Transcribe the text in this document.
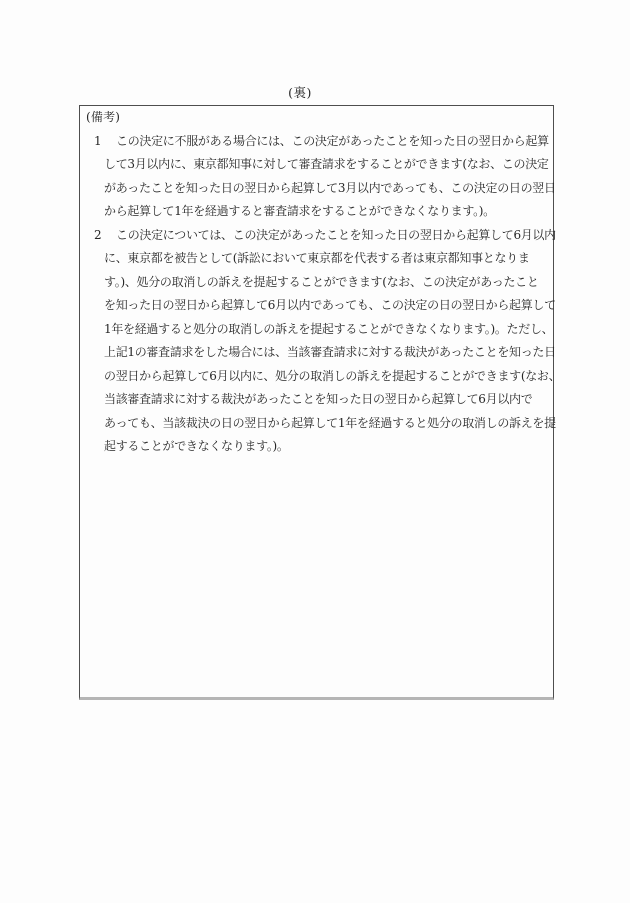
(裏)
(備考)
1 この決定に不服がある場合には、この決定があったことを知った日の翌日から起算
して3月以内に、東京都知事に対して審査請求をすることができます(なお、この決定
があったことを知った日の翌日から起算して3月以内であっても、この決定の日の翌日
から起算して1年を経過すると審査請求をすることができなくなります。)。
2 この決定については、この決定があったことを知った日の翌日から起算して6月以内
に、東京都を被告として(訴訟において東京都を代表する者は東京都知事となりま
す。)、処分の取消しの訴えを提起することができます(なお、この決定があったこと
を知った日の翌日から起算して6月以内であっても、この決定の日の翌日から起算して
1年を経過すると処分の取消しの訴えを提起することができなくなります。)。ただし、
上記1の審査請求をした場合には、当該審査請求に対する裁決があったことを知った日
の翌日から起算して6月以内に、処分の取消しの訴えを提起することができます(なお、
当該審査請求に対する裁決があったことを知った日の翌日から起算して6月以内で
あっても、当該裁決の日の翌日から起算して1年を経過すると処分の取消しの訴えを提
起することができなくなります。)。
